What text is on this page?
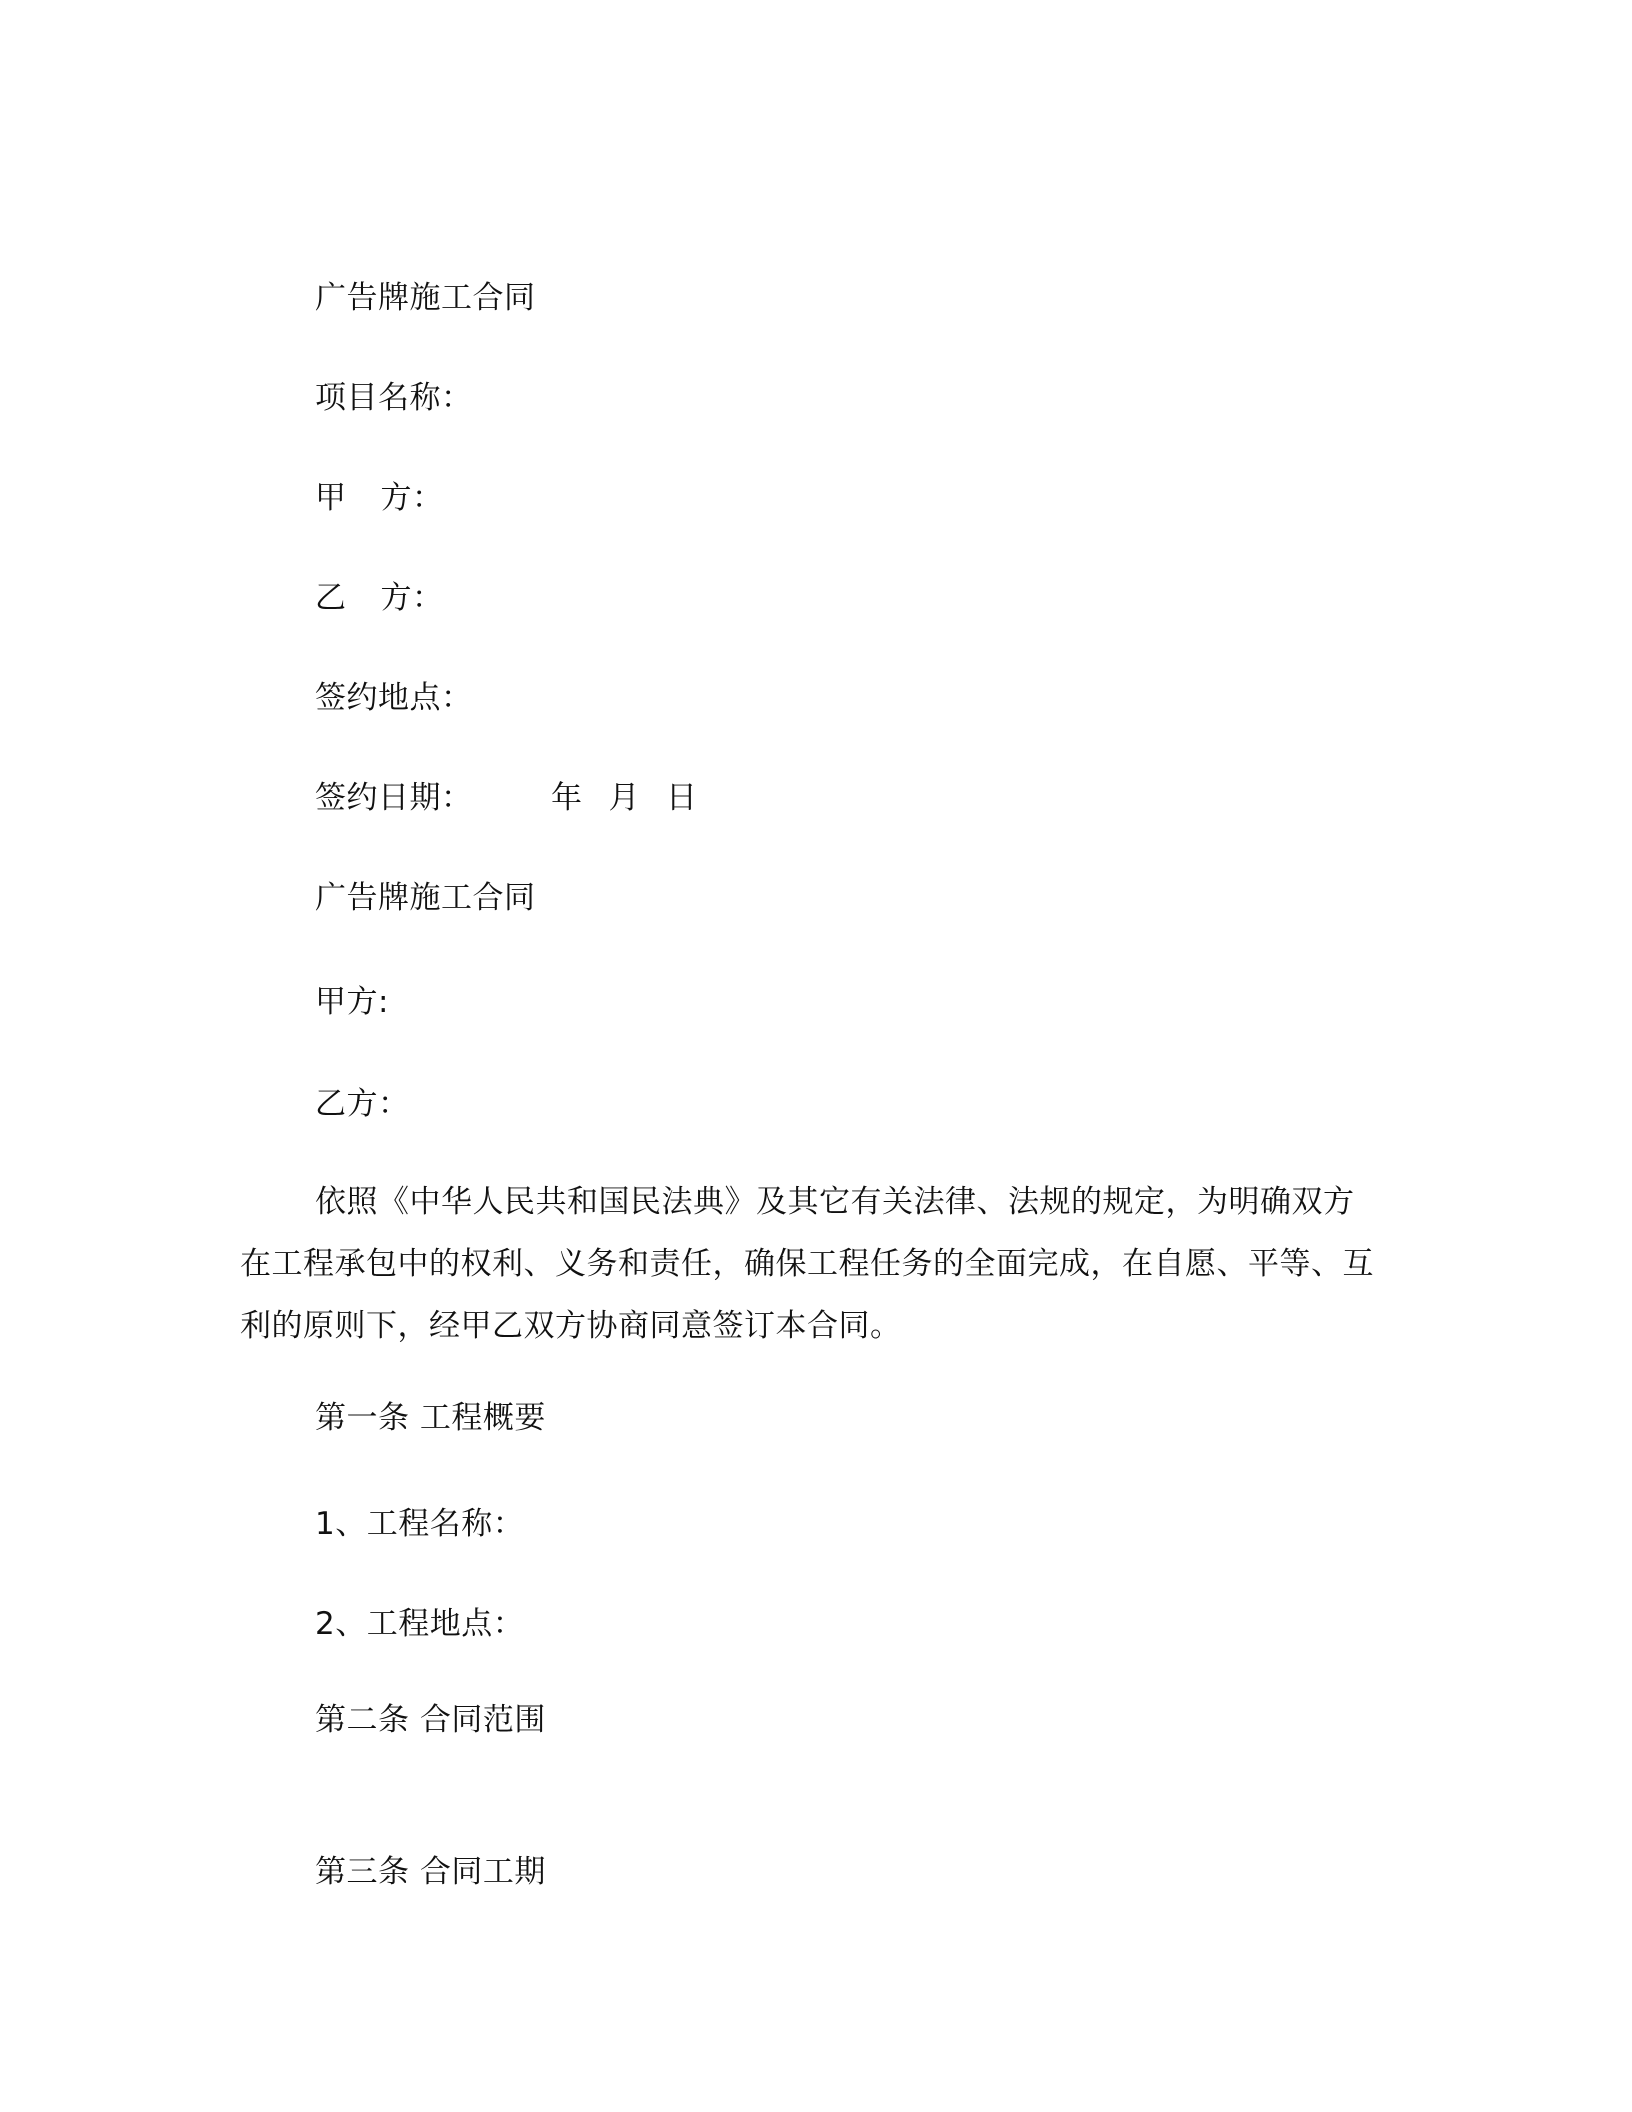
广告牌施工合同
项目名称：
甲 方：
乙 方：
签约地点：
签约日期：	年 月 日
广告牌施工合同
甲方:
乙方：
依照《中华人民共和国民法典》及其它有关法律、法规的规定，为明确双方在工程承包中的权利、义务和责任，确保工程任务的全面完成，在自愿、平等、互利的原则下，经甲乙双方协商同意签订本合同。
第一条 工程概要
1、工程名称：
2、工程地点：
第二条 合同范围
第三条 合同工期
